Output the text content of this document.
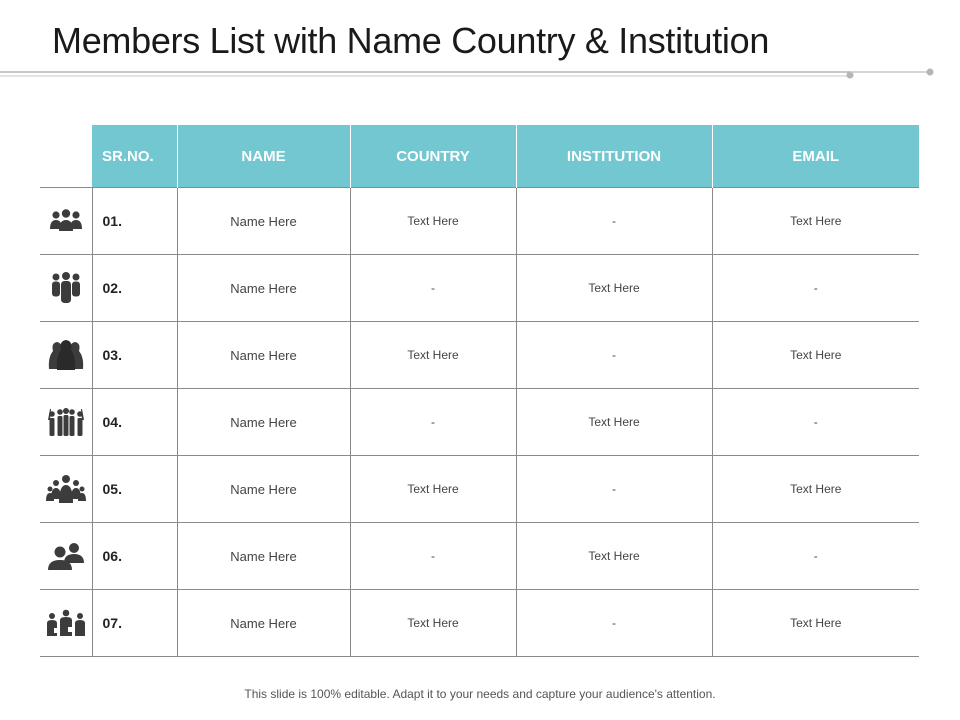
Members List with Name Country & Institution
	SR.NO.	NAME	COUNTRY	INSTITUTION	EMAIL

	01.	Name Here	Text Here	-	Text Here

	02.	Name Here	-	Text Here	-

	03.	Name Here	Text Here	-	Text Here

	04.	Name Here	-	Text Here	-

	05.	Name Here	Text Here	-	Text Here

	06.	Name Here	-	Text Here	-

	07.	Name Here	Text Here	-	Text Here
This slide is 100% editable. Adapt it to your needs and capture your audience's attention.
